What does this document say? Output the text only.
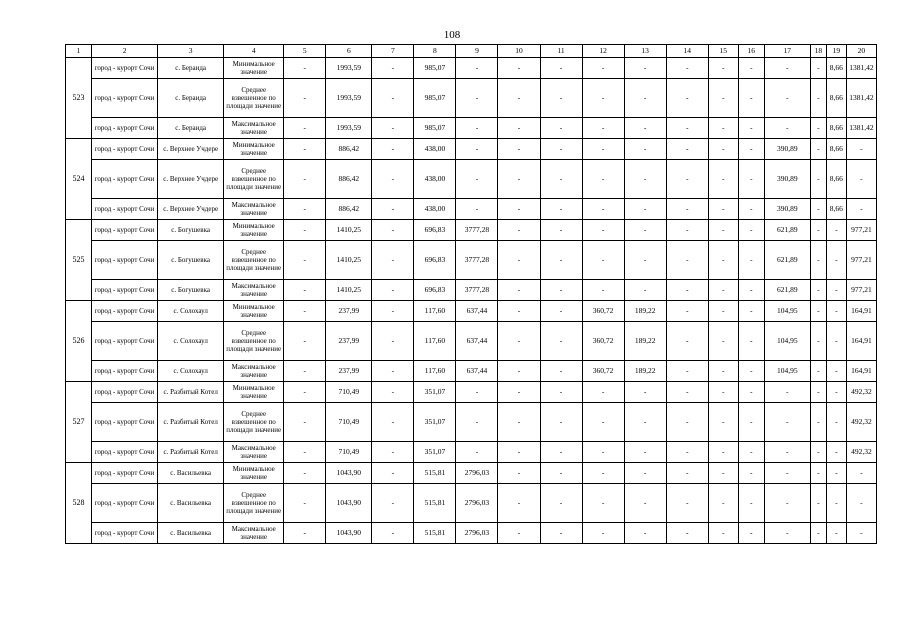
108
1	2	3	4	5	6	7	8	9	10	11	12	13	14	15	16	17	18	19	20
523	город - курорт Сочи	с. Бераида	Минимальное значение	-	1993,59	-	985,07	-	-	-	-	-	-	-	-	-	-	8,66	1381,42
	город - курорт Сочи	с. Бераида	Среднее взвешенное по площади значение	-	1993,59	-	985,07	-	-	-	-	-	-	-	-	-	-	8,66	1381,42
	город - курорт Сочи	с. Бераида	Максимальное значение	-	1993,59	-	985,07	-	-	-	-	-	-	-	-	-	-	8,66	1381,42
524	город - курорт Сочи	с. Верхнее Учдере	Минимальное значение	-	886,42	-	438,00	-	-	-	-	-	-	-	-	390,89	-	8,66	-
	город - курорт Сочи	с. Верхнее Учдере	Среднее взвешенное по площади значение	-	886,42	-	438,00	-	-	-	-	-	-	-	-	390,89	-	8,66	-
	город - курорт Сочи	с. Верхнее Учдере	Максимальное значение	-	886,42	-	438,00	-	-	-	-	-	-	-	-	390,89	-	8,66	-
525	город - курорт Сочи	с. Богушевка	Минимальное значение	-	1410,25	-	696,83	3777,28	-	-	-	-	-	-	-	621,89	-	-	977,21
	город - курорт Сочи	с. Богушевка	Среднее взвешенное по площади значение	-	1410,25	-	696,83	3777,28	-	-	-	-	-	-	-	621,89	-	-	977,21
	город - курорт Сочи	с. Богушевка	Максимальное значение	-	1410,25	-	696,83	3777,28	-	-	-	-	-	-	-	621,89	-	-	977,21
526	город - курорт Сочи	с. Солохаул	Минимальное значение	-	237,99	-	117,60	637,44	-	-	360,72	189,22	-	-	-	104,95	-	-	164,91
	город - курорт Сочи	с. Солохаул	Среднее взвешенное по площади значение	-	237,99	-	117,60	637,44	-	-	360,72	189,22	-	-	-	104,95	-	-	164,91
	город - курорт Сочи	с. Солохаул	Максимальное значение	-	237,99	-	117,60	637,44	-	-	360,72	189,22	-	-	-	104,95	-	-	164,91
527	город - курорт Сочи	с. Разбитый Котел	Минимальное значение	-	710,49	-	351,07	-	-	-	-	-	-	-	-	-	-	-	492,32
	город - курорт Сочи	с. Разбитый Котел	Среднее взвешенное по площади значение	-	710,49	-	351,07	-	-	-	-	-	-	-	-	-	-	-	492,32
	город - курорт Сочи	с. Разбитый Котел	Максимальное значение	-	710,49	-	351,07	-	-	-	-	-	-	-	-	-	-	-	492,32
528	город - курорт Сочи	с. Васильевка	Минимальное значение	-	1043,90	-	515,81	2796,03	-	-	-	-	-	-	-	-	-	-	-
	город - курорт Сочи	с. Васильевка	Среднее взвешенное по площади значение	-	1043,90	-	515,81	2796,03	-	-	-	-	-	-	-	-	-	-	-
	город - курорт Сочи	с. Васильевка	Максимальное значение	-	1043,90	-	515,81	2796,03	-	-	-	-	-	-	-	-	-	-	-
